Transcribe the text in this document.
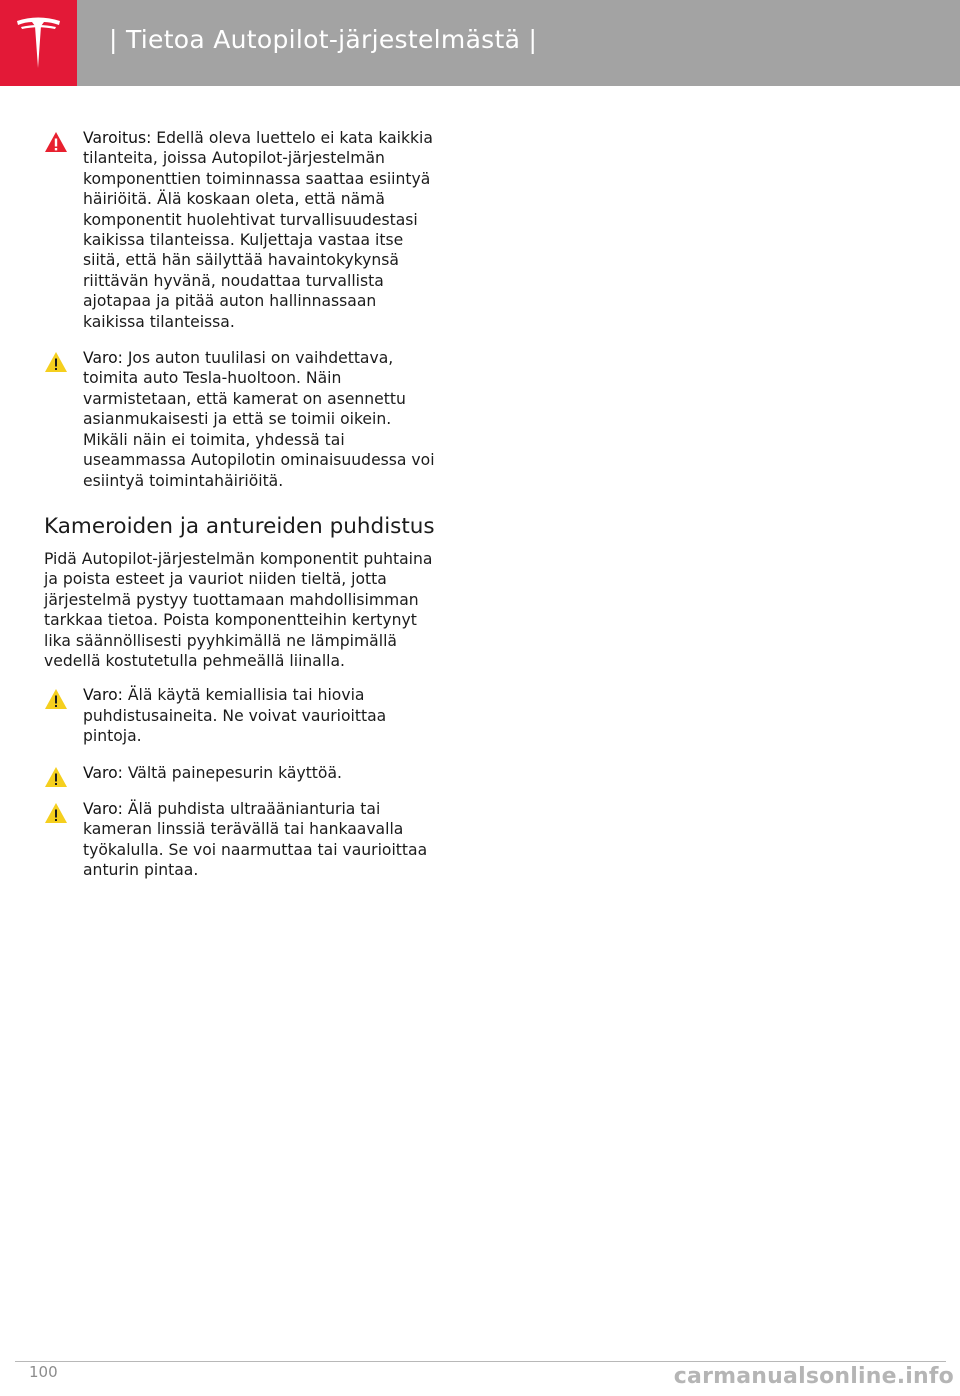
| Tietoa Autopilot-järjestelmästä |
Varoitus: Edellä oleva luettelo ei kata kaikkia tilanteita, joissa Autopilot-järjestelmän komponenttien toiminnassa saattaa esiintyä häiriöitä. Älä koskaan oleta, että nämä komponentit huolehtivat turvallisuudestasi kaikissa tilanteissa. Kuljettaja vastaa itse siitä, että hän säilyttää havaintokykynsä riittävän hyvänä, noudattaa turvallista ajotapaa ja pitää auton hallinnassaan kaikissa tilanteissa.
Varo: Jos auton tuulilasi on vaihdettava, toimita auto Tesla-huoltoon. Näin varmistetaan, että kamerat on asennettu asianmukaisesti ja että se toimii oikein. Mikäli näin ei toimita, yhdessä tai useammassa Autopilotin ominaisuudessa voi esiintyä toimintahäiriöitä.
Kameroiden ja antureiden puhdistus

Pidä Autopilot-järjestelmän komponentit puhtaina ja poista esteet ja vauriot niiden tieltä, jotta järjestelmä pystyy tuottamaan mahdollisimman tarkkaa tietoa. Poista komponentteihin kertynyt lika säännöllisesti pyyhkimällä ne lämpimällä vedellä kostutetulla pehmeällä liinalla.

Varo: Älä käytä kemiallisia tai hiovia puhdistusaineita. Ne voivat vaurioittaa pintoja.
Varo: Vältä painepesurin käyttöä.
Varo: Älä puhdista ultraäänianturia tai kameran linssiä terävällä tai hankaavalla työkalulla. Se voi naarmuttaa tai vaurioittaa anturin pintaa.
100	carmanualsonline.info
